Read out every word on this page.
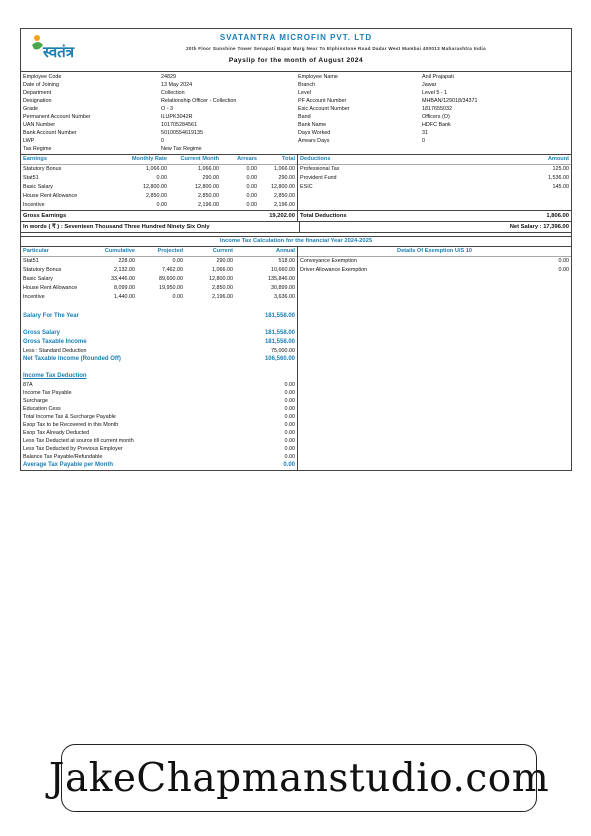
स्वतंत्र
SVATANTRA MICROFIN PVT. LTD
20th Floor Sunshine Tower Senapati Bapat Marg Near To Elphinstone Road Dadar West Mumbai 400013 Maharashtra India
Payslip for the month of August 2024
Employee Code	24829
Date of Joining	13 May 2024
Department	Collection
Designation	Relationship Officer - Collection
Grade	O - 3
Permanent Account Number	ILUPK3042R
UAN Number	101705284561
Bank Account Number	50100554619135
LWP	0
Tax Regime	New Tax Regime
Employee Name	Anil Prajapati
Branch	Jawar
Level	Level 5 - 1
PF Account Number	MHBAN/129018/34371
Esic Account Number	1817655032
Band	Officers (O)
Bank Name	HDFC Bank
Days Worked	31
Arrears Days	0
Earnings	Monthly Rate	Current Month	Arrears	Total
Statutory Bonus	1,066.00	1,066.00	0.00	1,066.00
Stat51	0.00	290.00	0.00	290.00
Basic Salary	12,800.00	12,800.00	0.00	12,800.00
House Rent Allowance	2,850.00	2,850.00	0.00	2,850.00
Incentive	0.00	2,196.00	0.00	2,196.00
Deductions	Amount
Professional Tax	125.00
Provident Fund	1,536.00
ESIC	145.00
Gross Earnings	19,202.00 Total Deductions	1,806.00
In words ( ₹ ) : Seventeen Thousand Three Hundred Ninety Six Only	Net Salary : 17,396.00
Income Tax Calculation for the financial Year 2024-2025
Particular	Cumulative	Projected	Current	Annual
Stat51	228.00	0.00	290.00	518.00
Statutory Bonus	2,132.00	7,462.00	1,066.00	10,660.00
Basic Salary	33,446.00	89,600.00	12,800.00	135,846.00
House Rent Allowance	8,099.00	19,950.00	2,850.00	30,899.00
Incentive	1,440.00	0.00	2,196.00	3,636.00
Salary For The Year	181,558.00
Gross Salary	181,558.00
Gross Taxable Income	181,558.00
Less : Standard Deduction	75,000.00
Net Taxable Income (Rounded Off)	106,560.00
Income Tax Deduction
87A	0.00
Income Tax Payable	0.00
Surcharge	0.00
Education Cess	0.00
Total Income Tax & Surcharge Payable	0.00
Esop Tax to be Recovered in this Month	0.00
Esop Tax Already Deducted	0.00
Less Tax Deducted at source till current month	0.00
Less Tax Deducted by Previous Employer	0.00
Balance Tax Payable/Refundable	0.00
Average Tax Payable per Month	0.00
Details Of Exemption U/S 10
Conveyance Exemption	0.00
Driver Allowance Exemption	0.00
JakeChapmanstudio.com
